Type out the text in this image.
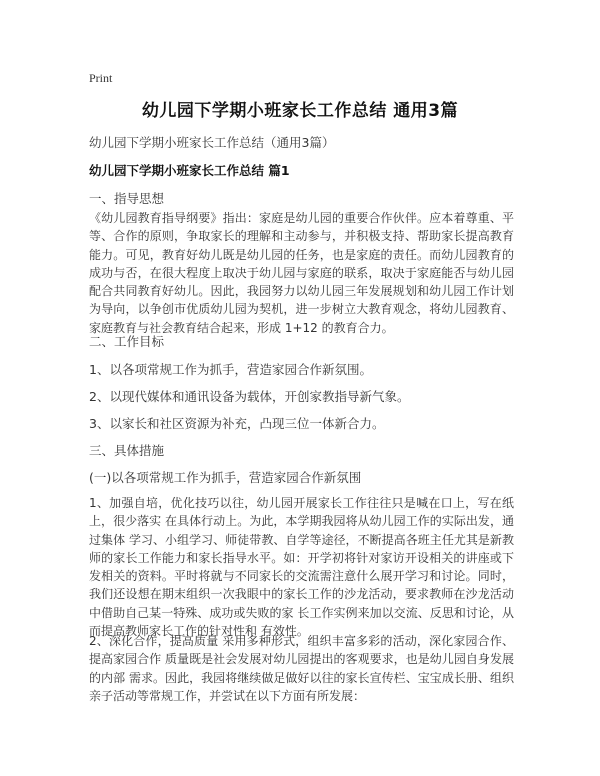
Print
幼儿园下学期小班家长工作总结 通用3篇
幼儿园下学期小班家长工作总结（通用3篇）
幼儿园下学期小班家长工作总结 篇1
一、指导思想
《幼儿园教育指导纲要》指出：家庭是幼儿园的重要合作伙伴。应本着尊重、平等、合作的原则，争取家长的理解和主动参与，并积极支持、帮助家长提高教育能力。可见，教育好幼儿既是幼儿园的任务，也是家庭的责任。而幼儿园教育的成功与否，在很大程度上取决于幼儿园与家庭的联系，取决于家庭能否与幼儿园配合共同教育好幼儿。因此，我园努力以幼儿园三年发展规划和幼儿园工作计划为导向，以争创市优质幼儿园为契机，进一步树立大教育观念，将幼儿园教育、家庭教育与社会教育结合起来，形成 1+12 的教育合力。
二、工作目标
1、以各项常规工作为抓手，营造家园合作新氛围。
2、以现代媒体和通讯设备为载体，开创家教指导新气象。
3、以家长和社区资源为补充，凸现三位一体新合力。
三、具体措施
(一)以各项常规工作为抓手，营造家园合作新氛围
1、加强自培，优化技巧以往，幼儿园开展家长工作往往只是喊在口上，写在纸上，很少落实 在具体行动上。为此，本学期我园将从幼儿园工作的实际出发，通过集体 学习、小组学习、师徒带教、自学等途径，不断提高各班主任尤其是新教师的家长工作能力和家长指导水平。如：开学初将针对家访开设相关的讲座或下发相关的资料。平时将就与不同家长的交流需注意什么展开学习和讨论。同时，我们还设想在期末组织一次我眼中的家长工作的沙龙活动，要求教师在沙龙活动中借助自己某一特殊、成功或失败的家 长工作实例来加以交流、反思和讨论，从而提高教师家长工作的针对性和 有效性。
2、深化合作，提高质量 采用多种形式，组织丰富多彩的活动，深化家园合作、提高家园合作 质量既是社会发展对幼儿园提出的客观要求，也是幼儿园自身发展的内部 需求。因此，我园将继续做足做好以往的家长宣传栏、宝宝成长册、组织亲子活动等常规工作，并尝试在以下方面有所发展：
